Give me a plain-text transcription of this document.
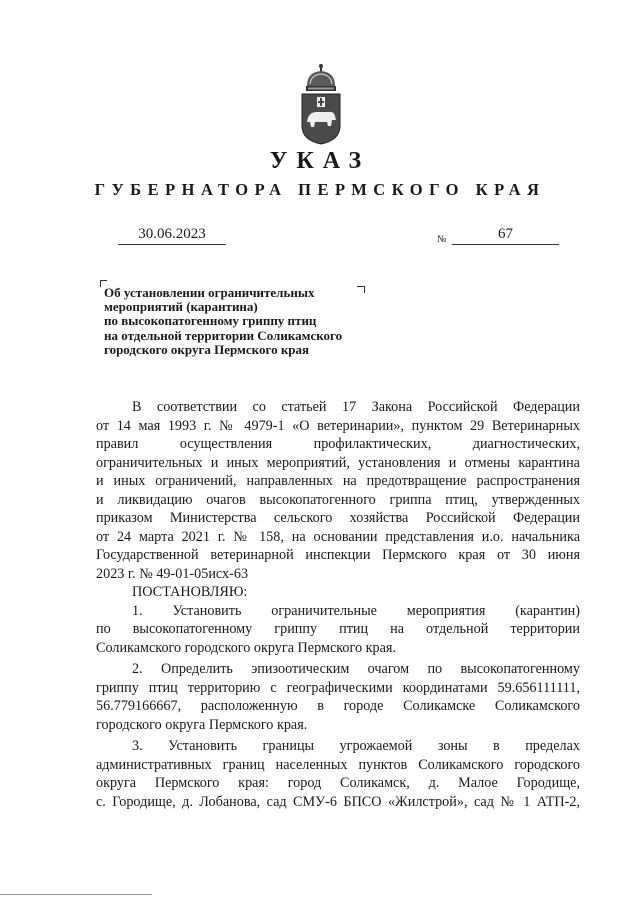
УКАЗ
ГУБЕРНАТОРА ПЕРМСКОГО КРАЯ
30.06.2023	№	67
Об установлении ограничительных
мероприятий (карантина)
по высокопатогенному гриппу птиц
на отдельной территории Соликамского
городского округа Пермского края

В соответствии со статьей 17 Закона Российской Федерации

от 14 мая 1993 г. № 4979-1 «О ветеринарии», пунктом 29 Ветеринарных

правил осуществления профилактических, диагностических,

ограничительных и иных мероприятий, установления и отмены карантина

и иных ограничений, направленных на предотвращение распространения

и ликвидацию очагов высокопатогенного гриппа птиц, утвержденных

приказом Министерства сельского хозяйства Российской Федерации

от 24 марта 2021 г. № 158, на основании представления и.о. начальника

Государственной ветеринарной инспекции Пермского края от 30 июня

2023 г. № 49-01-05исх-63

ПОСТАНОВЛЯЮ:

1. Установить ограничительные мероприятия (карантин)

по высокопатогенному гриппу птиц на отдельной территории

Соликамского городского округа Пермского края.

2. Определить эпизоотическим очагом по высокопатогенному

гриппу птиц территорию с географическими координатами 59.656111111,

56.779166667, расположенную в городе Соликамске Соликамского

городского округа Пермского края.

3. Установить границы угрожаемой зоны в пределах

административных границ населенных пунктов Соликамского городского

округа Пермского края: город Соликамск, д. Малое Городище,

с. Городище, д. Лобанова, сад СМУ-6 БПСО «Жилстрой», сад № 1 АТП-2,
